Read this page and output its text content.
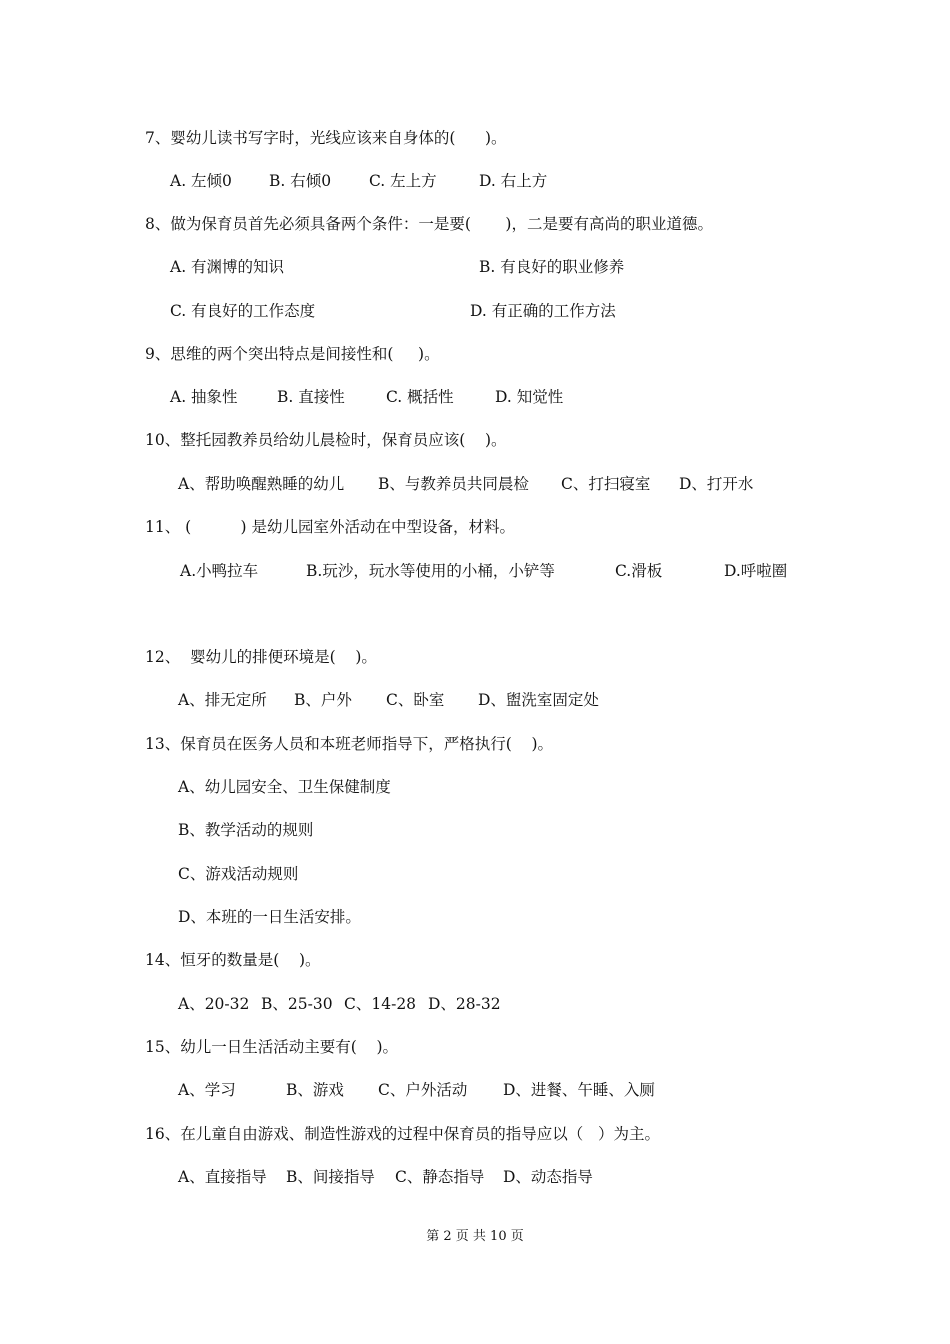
7、婴幼儿读书写字时，光线应该来自身体的(      )。
A. 左倾0 B. 右倾0 C. 左上方	D. 右上方
8、做为保育员首先必须具备两个条件：一是要(       )，二是要有高尚的职业道德。
A. 有渊博的知识	B. 有良好的职业修养
C. 有良好的工作态度	D. 有正确的工作方法
9、思维的两个突出特点是间接性和(     )。
A. 抽象性	B. 直接性	C. 概括性	D. 知觉性
10、整托园教养员给幼儿晨检时，保育员应该(    )。
A、帮助唤醒熟睡的幼儿 B、与教养员共同晨检 C、打扫寝室 D、打开水
11、 (          ) 是幼儿园室外活动在中型设备，材料。
A.小鸭拉车	B.玩沙，玩水等使用的小桶，小铲等	C.滑板	D.呼啦圈
12、  婴幼儿的排便环境是(    )。
A、排无定所 B、户外 C、卧室 D、盥洗室固定处
13、保育员在医务人员和本班老师指导下，严格执行(    )。
A、幼儿园安全、卫生保健制度
B、教学活动的规则
C、游戏活动规则
D、本班的一日生活安排。
14、恒牙的数量是(    )。
A、20-32 B、25-30 C、14-28 D、28-32
15、幼儿一日生活活动主要有(    )。
A、学习	B、游戏 C、户外活动 D、进餐、午睡、入厕
16、在儿童自由游戏、制造性游戏的过程中保育员的指导应以（   ）为主。
A、直接指导 B、间接指导 C、静态指导 D、动态指导
第 2 页 共 10 页
